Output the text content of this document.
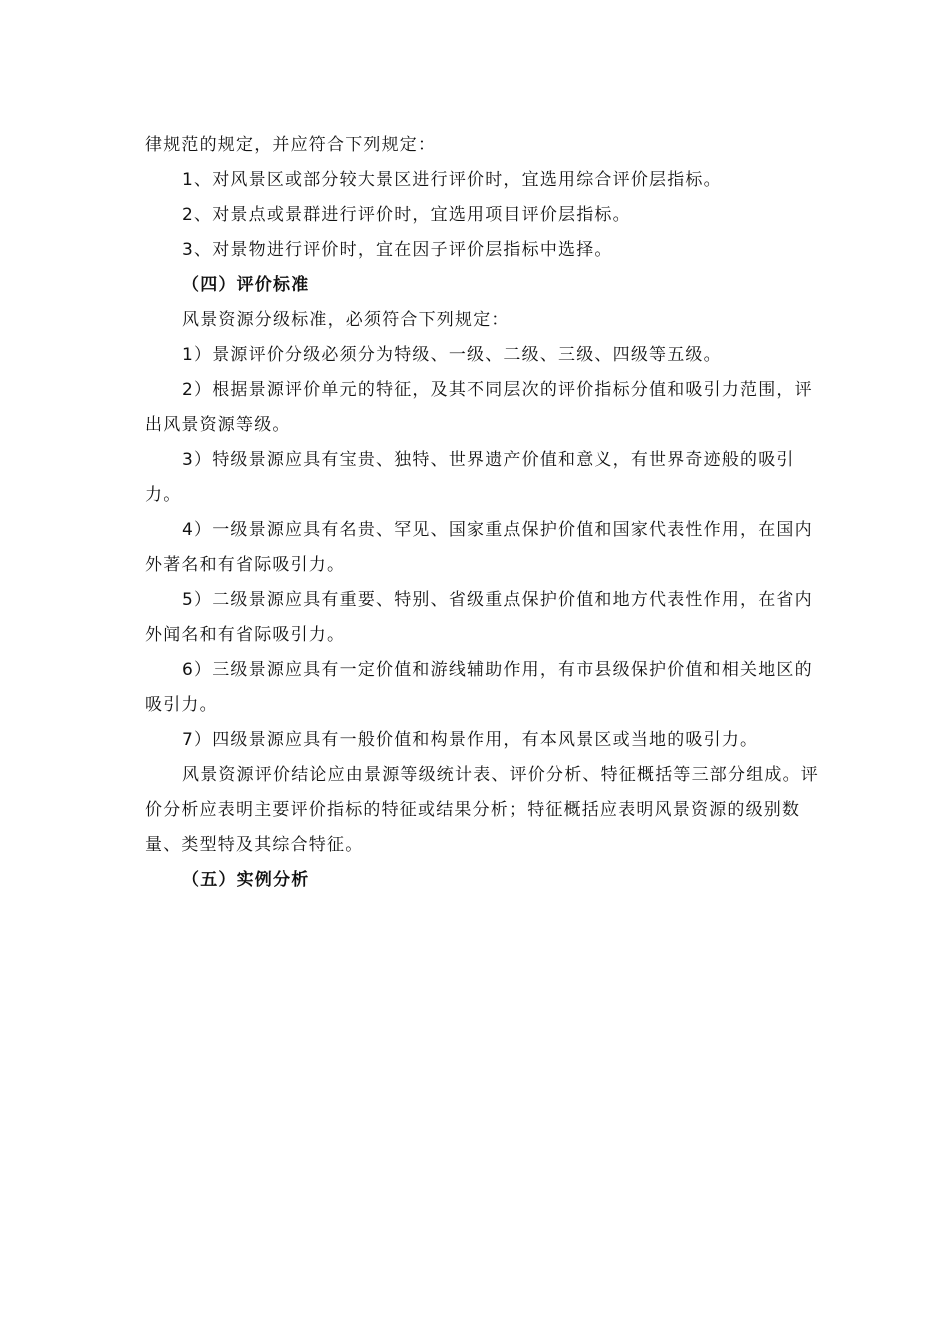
律规范的规定，并应符合下列规定：

1、对风景区或部分较大景区进行评价时，宜选用综合评价层指标。

2、对景点或景群进行评价时，宜选用项目评价层指标。

3、对景物进行评价时，宜在因子评价层指标中选择。

（四）评价标准

风景资源分级标准，必须符合下列规定：

1）景源评价分级必须分为特级、一级、二级、三级、四级等五级。

2）根据景源评价单元的特征，及其不同层次的评价指标分值和吸引力范围，评出风景资源等级。

3）特级景源应具有宝贵、独特、世界遗产价值和意义，有世界奇迹般的吸引力。

4）一级景源应具有名贵、罕见、国家重点保护价值和国家代表性作用，在国内外著名和有省际吸引力。

5）二级景源应具有重要、特别、省级重点保护价值和地方代表性作用，在省内外闻名和有省际吸引力。

6）三级景源应具有一定价值和游线辅助作用，有市县级保护价值和相关地区的吸引力。

7）四级景源应具有一般价值和构景作用，有本风景区或当地的吸引力。

风景资源评价结论应由景源等级统计表、评价分析、特征概括等三部分组成。评价分析应表明主要评价指标的特征或结果分析；特征概括应表明风景资源的级别数量、类型特及其综合特征。

（五）实例分析
